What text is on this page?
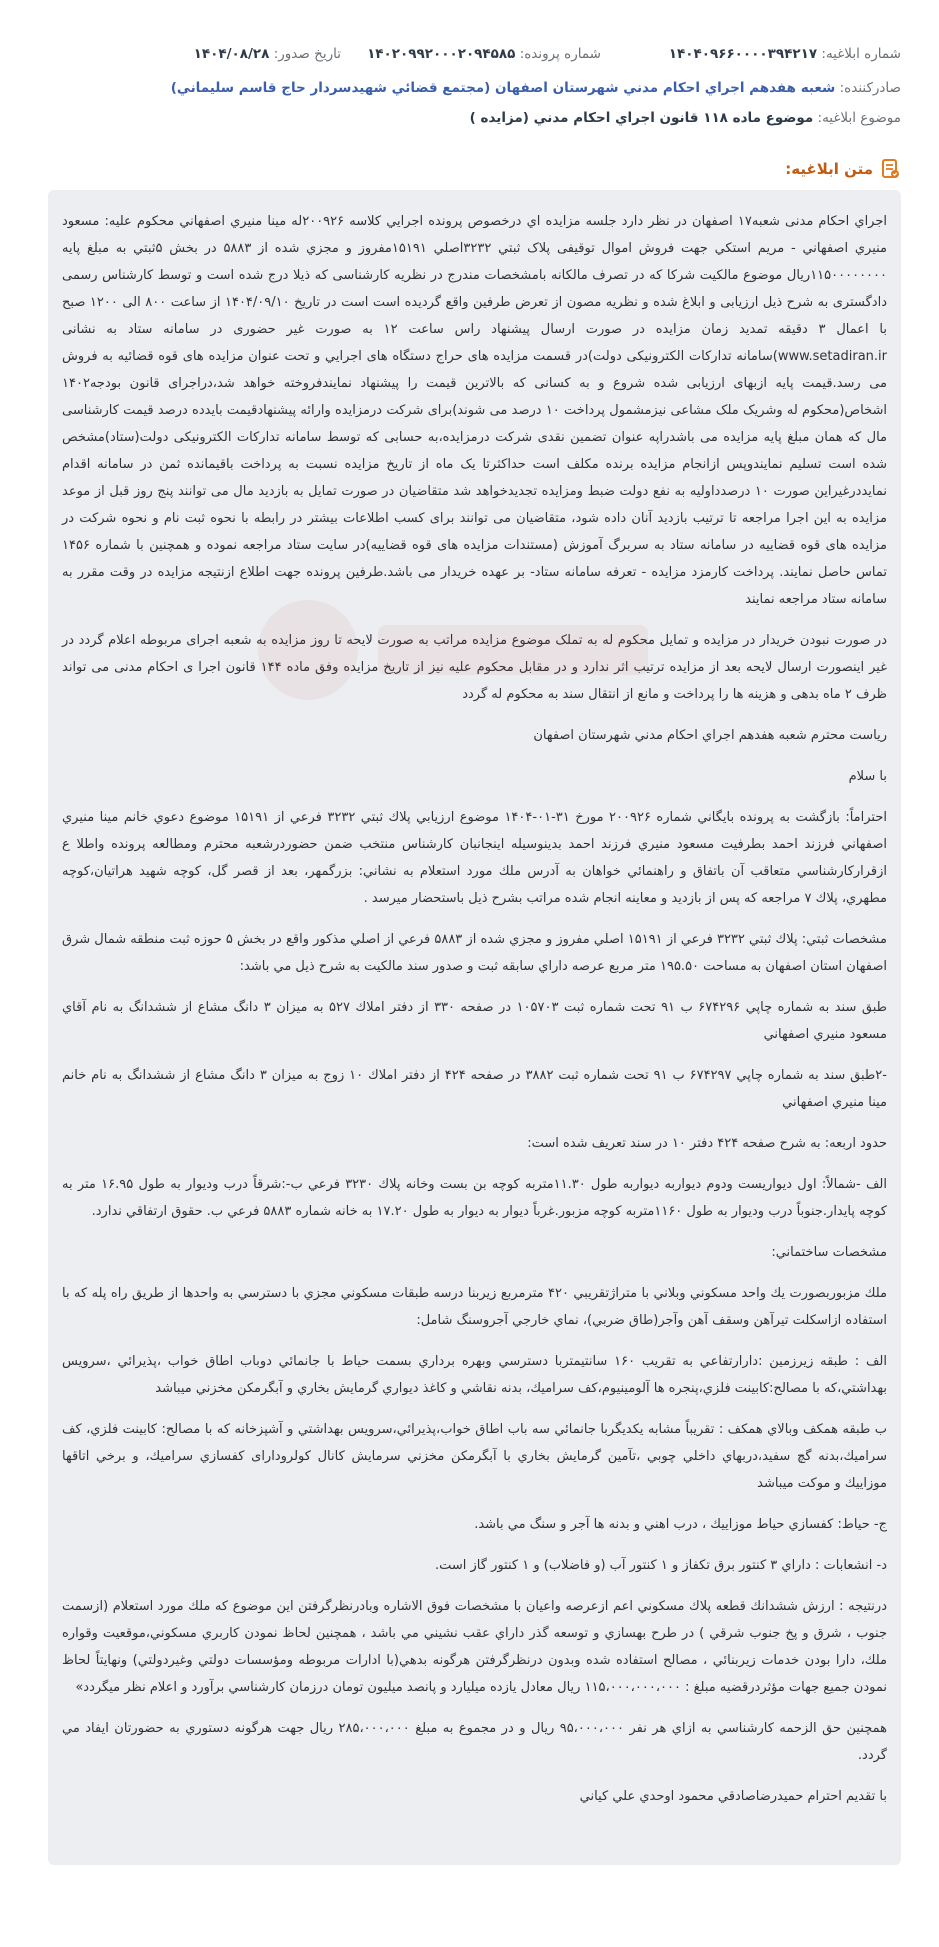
شماره ابلاغيه: ۱۴۰۴۰۹۶۶۰۰۰۰۳۹۴۲۱۷
شماره پرونده: ۱۴۰۲۰۹۹۲۰۰۰۲۰۹۴۵۸۵
تاريخ صدور: ۱۴۰۴/۰۸/۲۸
صادرکننده: شعبه هفدهم اجراي احکام مدني شهرستان اصفهان (مجتمع قضائي شهيدسردار حاج قاسم سليماني)
موضوع ابلاغيه: موضوع ماده ۱۱۸ قانون اجراي احكام مدني (مزايده )
متن ابلاغيه:

اجراي احکام مدنی شعبه۱۷ اصفهان در نظر دارد جلسه مزايده اي درخصوص پرونده اجرايي کلاسه ۲۰۰۹۲۶له مينا منيري اصفهاني محکوم عليه: مسعود منيري اصفهاني - مريم استکي جهت فروش اموال توقيفی پلاک ثبتي ۳۲۳۲اصلي ۱۵۱۹۱مفروز و مجزي شده از ۵۸۸۳ در بخش ۵ثبتي به مبلغ پايه ۱۱۵۰۰۰۰۰۰۰۰ريال موضوع مالکيت شرکا که در تصرف مالکانه بامشخصات مندرج در نظريه کارشناسی که ذيلا درج شده است و توسط کارشناس رسمی دادگستری به شرح ذيل ارزيابی و ابلاغ شده و نظريه مصون از تعرض طرفين واقع گرديده است است در تاريخ ۱۴۰۴/۰۹/۱۰ از ساعت ۸۰۰ الی ۱۲۰۰ صبح با اعمال ۳ دقيقه تمديد زمان مزايده در صورت ارسال پيشنهاد راس ساعت ۱۲ به صورت غير حضوری در سامانه ستاد به نشانی www.setadiran.ir)سامانه تدارکات الکترونيکی دولت)در قسمت مزايده های حراج دستگاه های اجرايي و تحت عنوان مزايده های قوه قضائيه به فروش می رسد.قيمت پايه ازبهای ارزيابی شده شروع و به کسانی که بالاترين قيمت را پيشنهاد نمايندفروخته خواهد شد،دراجرای قانون بودجه۱۴۰۲ اشخاص(محکوم له وشريک ملک مشاعی نيزمشمول پرداخت ۱۰ درصد می شوند)برای شرکت درمزايده وارائه پيشنهادقيمت بايدده درصد قيمت کارشناسی مال که همان مبلغ پايه مزايده می باشدراپه عنوان تضمين نقدی شرکت درمزايده،به حسابی که توسط سامانه تدارکات الکترونيکی دولت(ستاد)مشخص شده است تسليم نمايندوپس ازانجام مزايده برنده مکلف است حداکثرتا يک ماه از تاريخ مزايده نسبت به پرداخت باقيمانده ثمن در سامانه اقدام نمايددرغيراين صورت ۱۰ درصدداوليه به نفع دولت ضبط ومزايده تجديدخواهد شد متقاضيان در صورت تمايل به بازديد مال می توانند پنج روز قبل از موعد مزايده به اين اجرا مراجعه تا ترتيب بازديد آنان داده شود، متقاضيان می توانند برای کسب اطلاعات بيشتر در رابطه با نحوه ثبت نام و نحوه شرکت در مزايده های قوه قضاييه در سامانه ستاد به سربرگ آموزش (مستندات مزايده های قوه قضاييه)در سايت ستاد مراجعه نموده و همچنين با شماره ۱۴۵۶ تماس حاصل نمايند. پرداخت کارمزد مزايده - تعرفه سامانه ستاد- بر عهده خريدار می باشد.طرفين پرونده جهت اطلاع ازنتيجه مزايده در وقت مقرر به سامانه ستاد مراجعه نمايند

در صورت نبودن خريدار در مزايده و تمايل محکوم له به تملک موضوع مزايده مراتب به صورت لايحه تا روز مزايده به شعبه اجرای مربوطه اعلام گردد در غير اينصورت ارسال لايحه بعد از مزايده ترتيب اثر ندارد و در مقابل محکوم عليه نيز از تاريخ مزايده وفق ماده ۱۴۴ قانون اجرا ی احکام مدنی می تواند ظرف ۲ ماه بدهی و هزينه ها را پرداخت و مانع از انتقال سند به محکوم له گردد

رياست محترم شعبه هفدهم اجراي احكام مدني شهرستان اصفهان

با سلام

احتراماً: بازگشت به پرونده بايگاني شماره ۲۰۰۹۲۶ مورخ ۳۱-۰۱-۱۴۰۴ موضوع ارزيابي پلاك ثبتي ۳۲۳۲ فرعي از ۱۵۱۹۱ موضوع دعوي خانم مينا منيري اصفهاني فرزند احمد بطرفيت مسعود منيري فرزند احمد بدينوسيله اينجانبان كارشناس منتخب ضمن حضوردرشعبه محترم ومطالعه پرونده واطلا ع ازقراركارشناسي متعاقب آن باتفاق و راهنمائي خواهان به آدرس ملك مورد استعلام به نشاني: بزرگمهر، بعد از قصر گل، كوچه شهيد هراتيان،كوچه مطهري، پلاك ۷ مراجعه كه پس از بازديد و معاينه انجام شده مراتب بشرح ذيل باستحضار ميرسد .

مشخصات ثبتي: پلاك ثبتي ۳۲۳۲ فرعي از ۱۵۱۹۱ اصلي مفروز و مجزي شده از ۵۸۸۳ فرعي از اصلي مذكور واقع در بخش ۵ حوزه ثبت منطقه شمال شرق اصفهان استان اصفهان به مساحت ۱۹۵.۵۰ متر مربع عرصه داراي سابقه ثبت و صدور سند مالكيت به شرح ذيل مي باشد:

طبق سند به شماره چاپي ۶۷۴۲۹۶ ب ۹۱ تحت شماره ثبت ۱۰۵۷۰۳ در صفحه ۳۳۰ از دفتر املاك ۵۲۷ به ميزان ۳ دانگ مشاع از ششدانگ به نام آقاي مسعود منيري اصفهاني

-۲طبق سند به شماره چاپي ۶۷۴۲۹۷ ب ۹۱ تحت شماره ثبت ۳۸۸۲ در صفحه ۴۲۴ از دفتر املاك ۱۰ زوج به ميزان ۳ دانگ مشاع از ششدانگ به نام خانم مينا منيري اصفهاني

حدود اربعه: به شرح صفحه ۴۲۴ دفتر ۱۰ در سند تعريف شده است:

الف -شمالاً: اول ديواريست ودوم ديواربه ديواربه طول ۱۱.۳۰متربه كوچه بن بست وخانه پلاك ۳۲۳۰ فرعي ب-:شرقاً درب وديوار به طول ۱۶.۹۵ متر به كوچه پايدار.جنوباً درب وديوار به طول ۱۱۶۰متربه كوچه مزبور.غرباً ديوار به ديوار به طول ۱۷.۲۰ به خانه شماره ۵۸۸۳ فرعي ب. حقوق ارتفاقي ندارد.

مشخصات ساختماني:

ملك مزبوربصورت يك واحد مسكوني وبلاني با متراژتقريبي ۴۲۰ مترمربع زيربنا درسه طبقات مسكوني مجزي با دسترسي به واحدها از طريق راه پله كه با استفاده ازاسكلت تيرآهن وسقف آهن وآجر(طاق ضربي)، نماي خارجي آجروسنگ شامل:

الف : طبقه زيرزمين :دارارتفاعي به تقريب ۱۶۰ سانتيمتربا دسترسي وبهره برداري بسمت حياط با جانمائي دوباب اطاق خواب ،پذيرائي ،سرويس بهداشتي،كه با مصالح:كابينت فلزي،پنجره ها آلومينيوم،كف سراميك، بدنه نقاشي و كاغذ ديواري گرمايش بخاري و آبگرمكن مخزني ميباشد

ب طبقه همكف وبالاي همكف : تقريباً مشابه يكديگربا جانمائي سه باب اطاق خواب،پذيرائي،سرويس بهداشتي و آشپزخانه كه با مصالح: كابينت فلزي، كف سراميك،بدنه گچ سفيد،دربهاي داخلي چوبي ،تآمين گرمايش بخاري با آبگرمكن مخزني سرمايش كانال كولرودارای كفسازي سراميك، و برخي اتاقها موزاييك و موكت ميباشد

ج- حياط: كفسازي حياط موزاييك ، درب اهني و بدنه ها آجر و سنگ مي باشد.

د- انشعابات : داراي ۳ كنتور برق تكفاز و ۱ كنتور آب (و فاضلاب) و ۱ كنتور گاز است.

درنتيجه : ارزش ششدانك قطعه پلاك مسكوني اعم ازعرصه واعيان با مشخصات فوق الاشاره وبادرنظرگرفتن اين موضوع كه ملك مورد استعلام (ازسمت جنوب ، شرق و پخ جنوب شرقي ) در طرح بهسازي و توسعه گذر داراي عقب نشيني مي باشد ، همچنين لحاظ نمودن كاربري مسكوني،موقعيت وقواره ملك، دارا بودن خدمات زيربنائي ، مصالح استفاده شده وبدون درنظرگرفتن هرگونه بدهي(با ادارات مربوطه ومؤسسات دولتي وغيردولتي) ونهايتاً لحاظ نمودن جميع جهات مؤثردرقضيه مبلغ : ۱۱۵،۰۰۰،۰۰۰،۰۰۰ ريال معادل يازده ميليارد و پانصد ميليون تومان درزمان كارشناسي برآورد و اعلام نظر ميگردد»

همچنين حق الزحمه كارشناسي به ازاي هر نفر ۹۵،۰۰۰،۰۰۰ ريال و در مجموع به مبلغ ۲۸۵،۰۰۰،۰۰۰ ريال جهت هرگونه دستوري به حضورتان ايفاد مي گردد.

با تقديم احترام حميدرضاصادقي محمود اوحدي علي كياني
